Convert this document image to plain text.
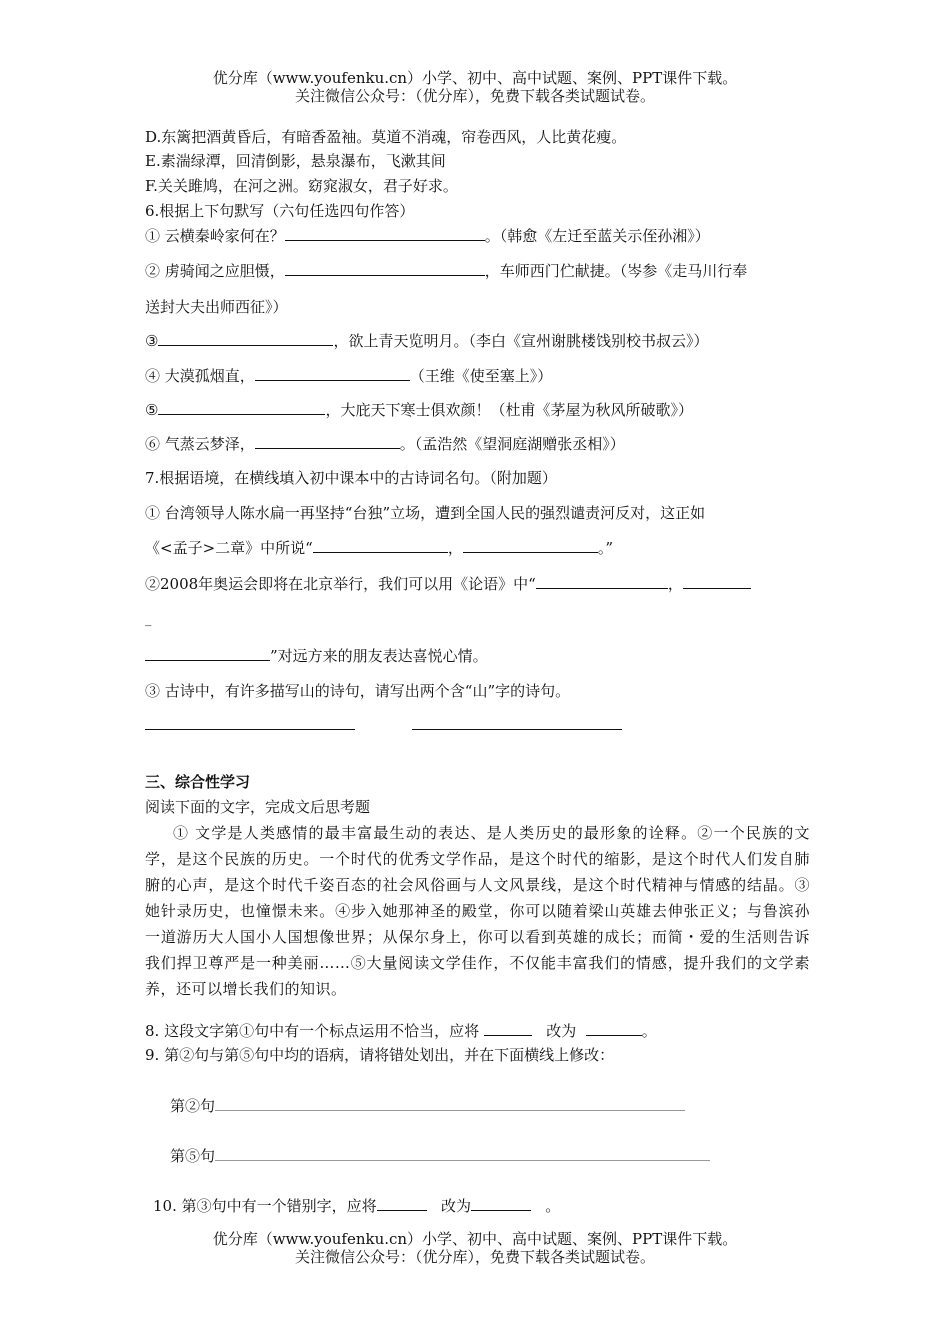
优分库（www.youfenku.cn）小学、初中、高中试题、案例、PPT课件下载。
关注微信公众号：（优分库），免费下载各类试题试卷。
D.东篱把酒黄昏后，有暗香盈袖。莫道不消魂，帘卷西风，人比黄花瘦。
E.素湍绿潭，回清倒影，悬泉瀑布，飞漱其间
F.关关雎鸠，在河之洲。窈窕淑女，君子好求。
6.根据上下句默写（六句任选四句作答）
① 云横秦岭家何在？	。（韩愈《左迁至蓝关示侄孙湘》）
② 虏骑闻之应胆慑，	，车师西门伫献捷。（岑参《走马川行奉
送封大夫出师西征》）
③	，欲上青天览明月。（李白《宣州谢朓楼饯别校书叔云》）
④ 大漠孤烟直，	（王维《使至塞上》）
⑤	，大庇天下寒士俱欢颜！（杜甫《茅屋为秋风所破歌》）
⑥ 气蒸云梦泽，	。（孟浩然《望洞庭湖赠张丞相》）
7.根据语境，在横线填入初中课本中的古诗词名句。（附加题）
① 台湾领导人陈水扁一再坚持“台独”立场，遭到全国人民的强烈谴责河反对，这正如
《<孟子>二章》中所说“	，	。”
②2008年奥运会即将在北京举行，我们可以用《论语》中“	，
_
”对远方来的朋友表达喜悦心情。
③ 古诗中，有许多描写山的诗句，请写出两个含“山”字的诗句。
三、综合性学习
阅读下面的文字，完成文后思考题
① 文学是人类感情的最丰富最生动的表达、是人类历史的最形象的诠释。②一个民族的文学，是这个民族的历史。一个时代的优秀文学作品，是这个时代的缩影，是这个时代人们发自肺腑的心声，是这个时代千姿百态的社会风俗画与人文风景线，是这个时代精神与情感的结晶。③她针录历史，也憧憬未来。④步入她那神圣的殿堂，你可以随着梁山英雄去伸张正义；与鲁滨孙一道游历大人国小人国想像世界；从保尔身上，你可以看到英雄的成长；而简・爱的生活则告诉我们捍卫尊严是一种美丽……⑤大量阅读文学佳作，不仅能丰富我们的情感，提升我们的文学素养，还可以增长我们的知识。
8. 这段文字第①句中有一个标点运用不恰当，应将	改为	。
9. 第②句与第⑤句中均的语病，请将错处划出，并在下面横线上修改：
第②句
第⑤句
10. 第③句中有一个错别字，应将	改为	。
优分库（www.youfenku.cn）小学、初中、高中试题、案例、PPT课件下载。
关注微信公众号：（优分库），免费下载各类试题试卷。
